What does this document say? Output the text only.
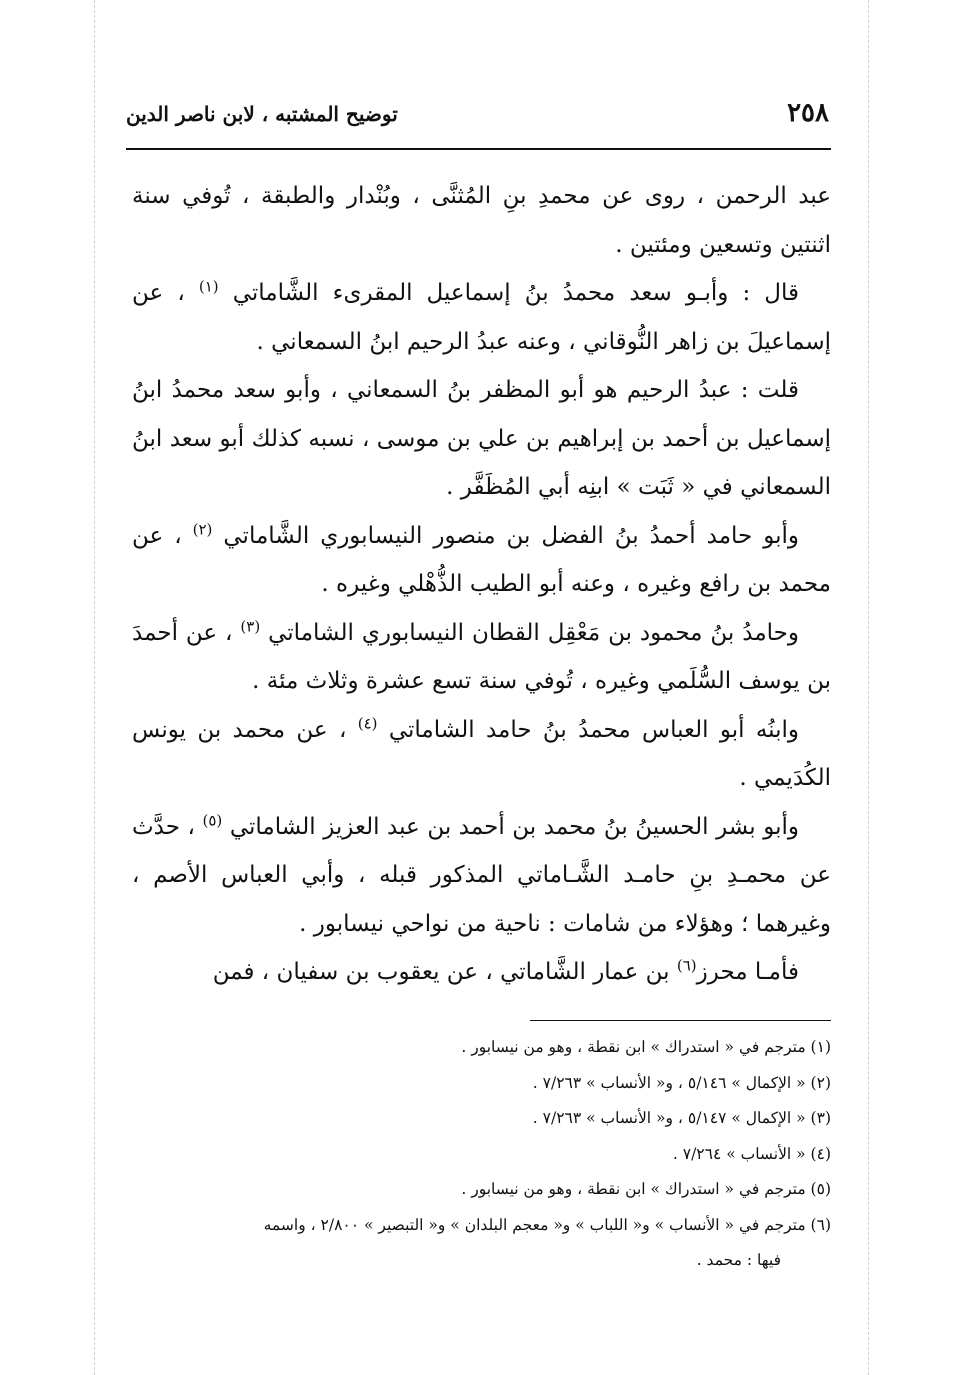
٢٥٨
توضيح المشتبه ، لابن ناصر الدين

عبد الرحمن ، روى عن محمدِ بنِ المُثنَّى ، وبُنْدار والطبقة ، تُوفي سنة اثنتين وتسعين ومئتين .

قال : وأبـو سعد محمدُ بنُ إسماعيل المقرىء الشَّاماتي $^{(١)}$ ، عن إسماعيلَ بن زاهر النُّوقاني ، وعنه عبدُ الرحيم ابنُ السمعاني .

قلت : عبدُ الرحيم هو أبو المظفر بنُ السمعاني ، وأبو سعد محمدُ ابنُ إسماعيل بن أحمد بن إبراهيم بن علي بن موسى ، نسبه كذلك أبو سعد ابنُ السمعاني في « ثَبَت » ابنِه أبي المُظَفَّر .

وأبو حامد أحمدُ بنُ الفضل بن منصور النيسابوري الشَّاماتي $^{(٢)}$ ، عن محمد بن رافع وغيره ، وعنه أبو الطيب الذُّهْلي وغيره .

وحامدُ بنُ محمود بن مَعْقِل القطان النيسابوري الشاماتي $^{(٣)}$ ، عن أحمدَ بن يوسف السُّلَمي وغيره ، تُوفي سنة تسع عشرة وثلاث مئة .

وابنُه أبو العباس محمدُ بنُ حامد الشاماتي $^{(٤)}$ ، عن محمد بن يونس الكُدَيمي .

وأبو بشر الحسينُ بنُ محمد بن أحمد بن عبد العزيز الشاماتي $^{(٥)}$ ، حدَّث عن محمـدِ بنِ حامـد الشَّـاماتي المذكور قبله ، وأبي العباس الأصم ، وغيرهما ؛ وهؤلاء من شامات : ناحية من نواحي نيسابور .

فأمـا محرز$^{(٦)}$ بن عمار الشَّاماتي ، عن يعقوب بن سفيان ، فمن

(١) مترجم في « استدراك » ابن نقطة ، وهو من نيسابور .

(٢) « الإكمال » ٥/١٤٦ ، و« الأنساب » ٧/٢٦٣ .

(٣) « الإكمال » ٥/١٤٧ ، و« الأنساب » ٧/٢٦٣ .

(٤) « الأنساب » ٧/٢٦٤ .

(٥) مترجم في « استدراك » ابن نقطة ، وهو من نيسابور .

(٦) مترجم في « الأنساب » و« اللباب » و« معجم البلدان » و« التبصير » ٢/٨٠٠ ، واسمه

فيها : محمد .
